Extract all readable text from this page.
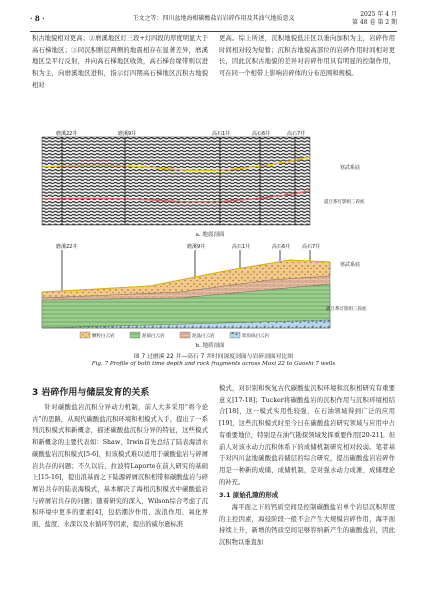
· 8 ·	王文之等：四川盆地海相碳酸盐岩岩碎作用及其油气地质意义
2025 年 4 月
第 48 卷 第 2 期

积古地貌相对更高；②磨溪地区灯三段+灯四段的厚度明显大于高石梯地区；③同沉积断层两侧的地震相存在显著差异，磨溪地区呈平行反射，并向高石梯地区收敛，高石梯台缘带则以进积为主，向磨溪地区进积，指示灯四期高石梯地区沉积古地貌相对

更高。综上所述，沉积地貌低洼区以垂向加积为主，岩碎作用时间相对较为短暂；沉积古地貌高部位的岩碎作用时间相对更长，因此沉积古地貌的差异对岩碎作用具有明显的控制作用，可在同一个相带上影响岩碎体的分布范围和规模。

磨溪22井	磨溪9井	高石1井	高石6井	高石7井
寒武系底
震旦系灯影组三段底
a. 地震剖面
磨溪22井	磨溪9井	高石1井	高石6井 高石7井
寒武系底
震旦系灯影组三段底
颗粒白云岩	泥质白云岩	泥晶白云岩	软角砾白云岩
b. 地质剖面
图 7 过磨溪 22 井—高石 7 井时间深度剖面与岩碎剖面对比图
Fig. 7 Profile of both time depth and rock fragments across Moxi 22 to Gaoshi 7 wells
3 岩碎作用与储层发育的关系

针对碳酸盐岩沉积分异动力机制，前人大多采用“将今论古”的思路，从现代碳酸盐沉积环境和相模式入手，提出了一系列沉积模式和新概念，描述碳酸盐沉积分异的特征，这些模式和新概念的主要代表如：Shaw、Irwin首先总结了陆表海清水碳酸盐岩沉积模式[5-6]，但该模式难以适用于碳酸盐岩与碎屑岩共存的问题；不久以后，拉波特Laporte在前人研究的基础上[15-16]，提出浪基面之下陆源碎屑沉积相带和碳酸盐岩与碎屑岩共存的陆表海模式，基本解决了海相沉积模式中碳酸盐岩与碎屑岩共存的问题；随着研究的深入，Wilson综合考虑了沉积环境中更多的要素[4]，包括潮汐作用、波浪作用、氧化界面、盐度、水深以及水循环等因素，提出的威尔逊标准

模式，对识别和恢复古代碳酸盐沉积环境和沉积相研究有重要意义[17-18]；Tucker将碳酸盐岩的沉积作用与沉积环境相结合[18]，这一模式实用性较强，在石油领域得到广泛的应用[19]，这些沉积模式时至今日在碳酸盐岩研究领域与应用中占有重要地位，特别是在油气勘探领域发挥重要作用[20-21]。但前人对该水动力沉积体系下的成储机制研究相对较弱。笔者基于对四川盆地碳酸盐岩储层的综合研究，提出碳酸盐岩岩碎作用是一种新的成储、成储机制，是对强水动力成滩、成储理论的补充。

3.1 原始孔隙的形成

海平面之下的钙质空间是控制碳酸盐岩单个岩层沉积厚度的主控因素，海侵阶段一般不会产生大规模岩碎作用，海平面持续上升，新增的钙质空间足够容纳新产生的碳酸盐岩，因此沉积物以垂直加
